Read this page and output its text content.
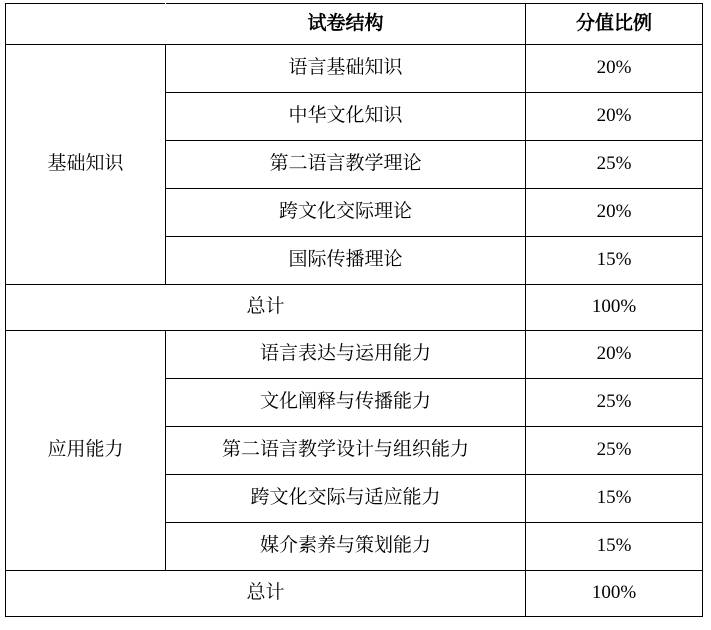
	试卷结构	分值比例
基础知识	语言基础知识	20%
	中华文化知识	20%
	第二语言教学理论	25%
	跨文化交际理论	20%
	国际传播理论	15%
总计		100%
应用能力	语言表达与运用能力	20%
	文化阐释与传播能力	25%
	第二语言教学设计与组织能力	25%
	跨文化交际与适应能力	15%
	媒介素养与策划能力	15%
总计		100%
